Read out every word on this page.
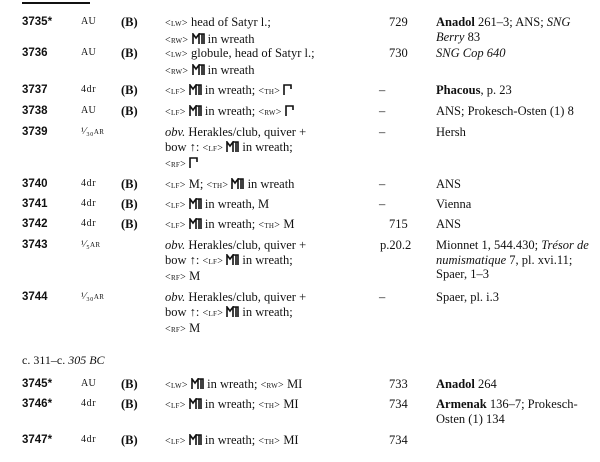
3735*	AU (B)	<lw> head of Satyr l.;
<rw>
in wreath
729	Anadol 261–3; ANS; SNG
Berry 83
3736	AU (B)	<lw> globule, head of Satyr l.;
<rw>
in wreath
730	SNG Cop 640
3737	4dr (B)	<lf>
in wreath; <th>	–	Phacous, p. 23
3738	AU (B)	<lf>
in wreath; <rw>	–	ANS; Prokesch-Osten (1) 8
3739	¹⁄₃₀ar	obv. Herakles/club, quiver +
bow ↑: <lf>
in wreath;
<rf>
–	Hersh
3740	4dr (B)	<lf> M; <th>
in wreath	–	ANS
3741	4dr (B)	<lf>
in wreath, M	–	Vienna
3742	4dr (B)	<lf>
in wreath; <th> M	715	ANS
3743	¹⁄₅ar	obv. Herakles/club, quiver +
bow ↑: <lf>
in wreath;
<rf> M
p.20.2	Mionnet 1, 544.430; Trésor de numismatique 7, pl. xvi.11; Spaer, 1–3
3744	¹⁄₃₀ar	obv. Herakles/club, quiver +
bow ↑: <lf>
in wreath;
<rf> M
–	Spaer, pl. i.3
c. 311–c. 305 BC
3745*	AU (B)	<lw>
in wreath; <rw> MI	733	Anadol 264
3746*	4dr (B)	<lf>
in wreath; <th> MI	734	Armenak 136–7; Prokesch-Osten (1) 134
3747*	4dr (B)	<lf>
in wreath; <th> MI	734
